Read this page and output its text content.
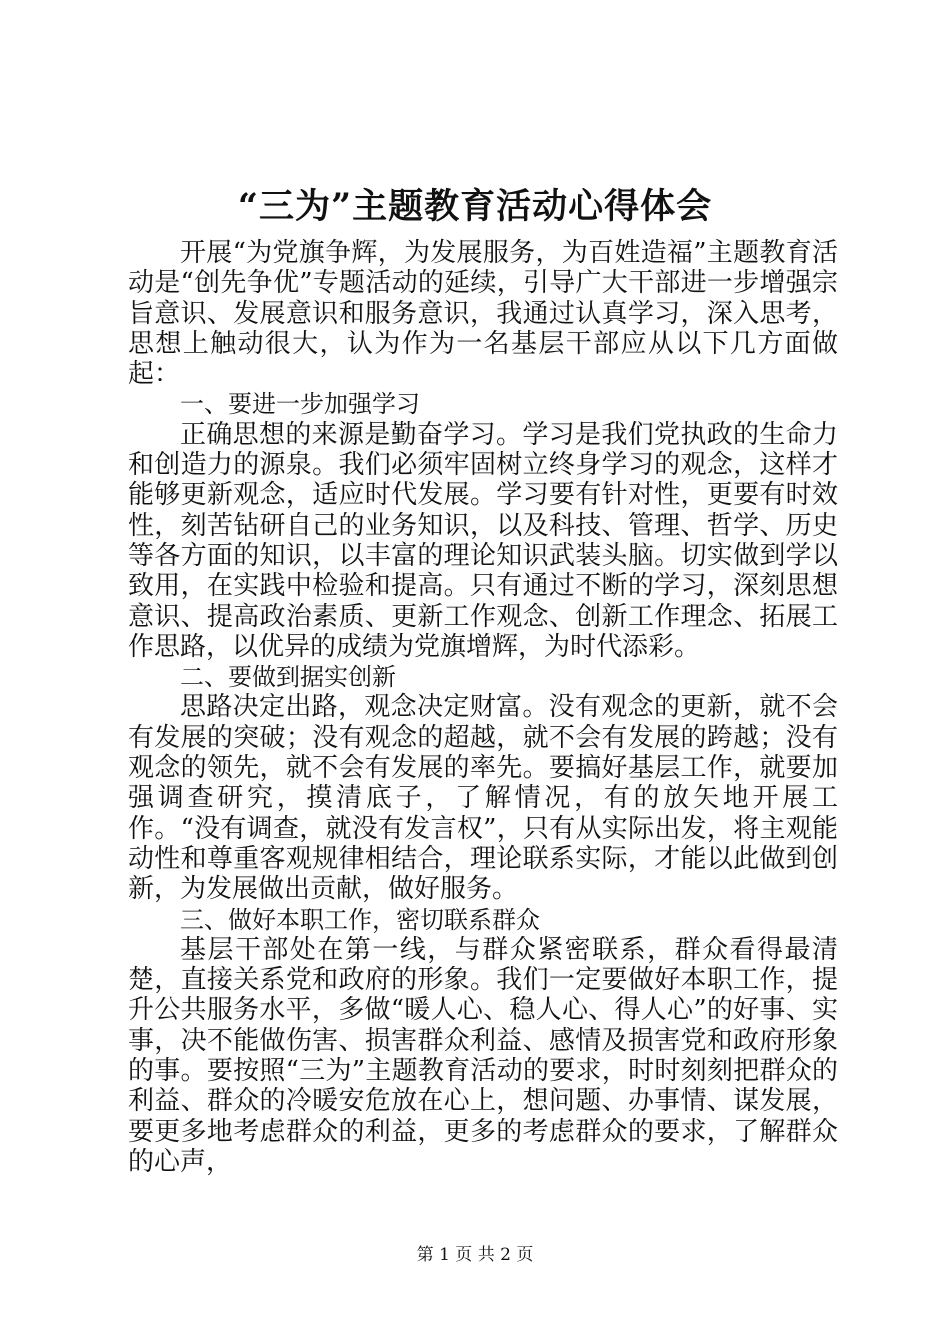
“三为”主题教育活动心得体会

开展“为党旗争辉，为发展服务，为百姓造福”主题教育活动是“创先争优”专题活动的延续，引导广大干部进一步增强宗旨意识、发展意识和服务意识，我通过认真学习，深入思考，思想上触动很大，认为作为一名基层干部应从以下几方面做起：

一、要进一步加强学习

正确思想的来源是勤奋学习。学习是我们党执政的生命力和创造力的源泉。我们必须牢固树立终身学习的观念，这样才能够更新观念，适应时代发展。学习要有针对性，更要有时效性，刻苦钻研自己的业务知识，以及科技、管理、哲学、历史等各方面的知识，以丰富的理论知识武装头脑。切实做到学以致用，在实践中检验和提高。只有通过不断的学习，深刻思想意识、提高政治素质、更新工作观念、创新工作理念、拓展工作思路，以优异的成绩为党旗增辉，为时代添彩。

二、要做到据实创新

思路决定出路，观念决定财富。没有观念的更新，就不会有发展的突破；没有观念的超越，就不会有发展的跨越；没有观念的领先，就不会有发展的率先。要搞好基层工作，就要加强调查研究，摸清底子，了解情况，有的放矢地开展工作。“没有调查，就没有发言权”，只有从实际出发，将主观能动性和尊重客观规律相结合，理论联系实际，才能以此做到创新，为发展做出贡献，做好服务。

三、做好本职工作，密切联系群众

基层干部处在第一线，与群众紧密联系，群众看得最清楚，直接关系党和政府的形象。我们一定要做好本职工作，提升公共服务水平，多做“暖人心、稳人心、得人心”的好事、实事，决不能做伤害、损害群众利益、感情及损害党和政府形象的事。要按照“三为”主题教育活动的要求，时时刻刻把群众的利益、群众的冷暖安危放在心上，想问题、办事情、谋发展，要更多地考虑群众的利益，更多的考虑群众的要求，了解群众的心声，

第 1 页 共 2 页
